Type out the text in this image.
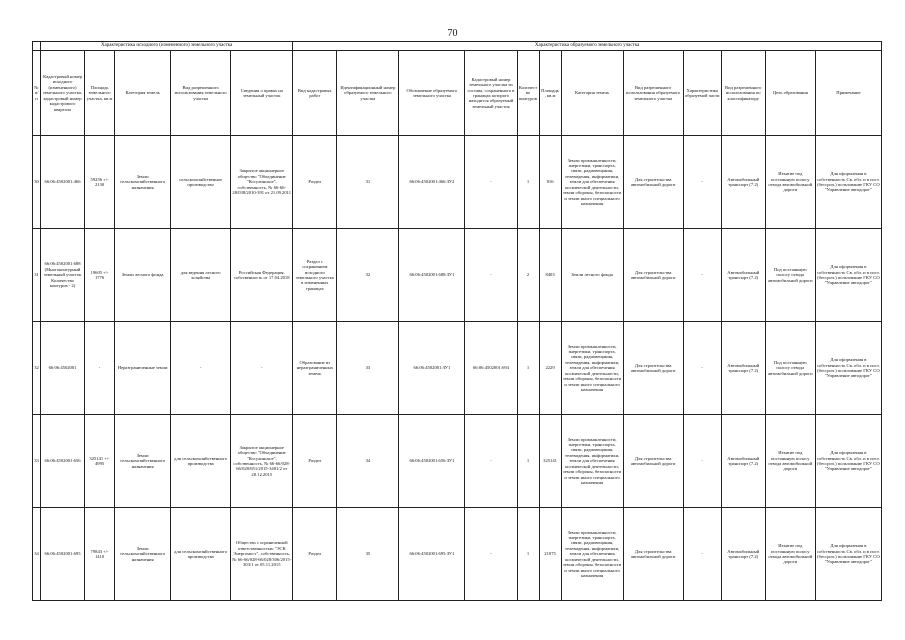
70
	Характеристика исходного (измененного) земельного участка					Характеристика образуемого земельного участка											
№ п/п	Кадастровый номер исходного (измененного) земельного участка, кадастровый номер кадастрового квартала	Площадь земельного участка, кв.м	Категория земель	Вид разрешенного использования земельного участка	Сведения о правах на земельный участок	Вид кадастровых работ	Идентификационный номер образуемого земельного участка	Обозначение образуемого земельного участка	Кадастровый номер земельного участка из состава, сохраненного в границах которого находится образуемый земельный участок	Количество контуров	Площадь, кв.м	Категория земель	Вид разрешенного использования образуемого земельного участка	Характеристика образуемой части	Вид разрешенного использования по классификатору	Цель образования	Примечание
30	66:06:4502001:466	59256 +/- 2130	Земли сельскохозяйственного назначения	сельскохозяйственное производство	Закрытое акционерное общество "Объединение "Косулинское", собственность, № 66-66-28/038/2010-391 от 21.09.2011	Раздел	31	66:06:4502001:466:ЗУ2	-	1	816	Земли промышленности, энергетики, транспорта, связи, радиовещания, телевидения, информатики, земли для обеспечения космической деятельности, земли обороны, безопасности и земли иного специального назначения	Для строительства автомобильной дороги	-	Автомобильный транспорт (7.2)	Изъятие под постоянную полосу отвода автомобильной дороги	Для оформления в собственность Св. обл. и в пост. (бессроч.) пользование ГКУ СО "Управление автодорог"
31	66:06:4502001:688 (Многоконтурный земельный участок Количество контуров - 2)	19605 +/- 1776	Земли лесного фонда	для ведения лесного хозяйства	Российская Федерация, собственность от 17.04.2018	Раздел с сохранением исходного земельного участка в измененных границах	32	66:06:4502001:688:ЗУ1	-	2	8403	Земли лесного фонда	Для строительства автомобильной дороги	-	Автомобильный транспорт (7.2)	Под постоянную полосу отвода автомобильной дороги	Для оформления в собственность Св. обл. и в пост. (бессроч.) пользование ГКУ СО "Управление автодорог"
32	66:06:4502001	-	Неразграниченные земли	-	-	Образование из неразграниченных земель	33	66:06:4502001:ЗУ1	66:06:4502001:694	1	2229	Земли промышленности, энергетики, транспорта, связи, радиовещания, телевидения, информатики, земли для обеспечения космической деятельности, земли обороны, безопасности и земли иного специального назначения	Для строительства автомобильной дороги	-	Автомобильный транспорт (7.2)	Под постоянную полосу отвода автомобильной дороги	Для оформления в собственность Св. обл. и в пост. (бессроч.) пользование ГКУ СО "Управление автодорог"
33	66:06:4502001:656	325141 +/- 4995	Земли сельскохозяйственного назначения	для сельскохозяйственного производства	Закрытое акционерное общество "Объединение "Косулинское", собственность, № 66-66/028-66/028/651/2015-3481/2 от 28.12.2015	Раздел	34	66:06:4502001:656:ЗУ1	-	1	325141	Земли промышленности, энергетики, транспорта, связи, радиовещания, телевидения, информатики, земли для обеспечения космической деятельности, земли обороны, безопасности и земли иного специального назначения	Для строительства автомобильной дороги	-	Автомобильный транспорт (7.2)	Изъятие под постоянную полосу отвода автомобильной дороги	Для оформления в собственность Св. обл. и в пост. (бессроч.) пользование ГКУ СО "Управление автодорог"
34	66:06:4502001:695	79843 +/- 1410	Земли сельскохозяйственного назначения	для сельскохозяйственного производства	Общество с ограниченной ответственностью "ЭСК Энергомост", собственность, № 66-66/028-66/028/306/2015-303/1 от 05.11.2015	Раздел	35	66:06:4502001:695:ЗУ1	-	1	21075	Земли промышленности, энергетики, транспорта, связи, радиовещания, телевидения, информатики, земли для обеспечения космической деятельности, земли обороны, безопасности и земли иного специального назначения	Для строительства автомобильной дороги	-	Автомобильный транспорт (7.2)	Изъятие под постоянную полосу отвода автомобильной дороги	Для оформления в собственность Св. обл. и в пост. (бессроч.) пользование ГКУ СО "Управление автодорог"
